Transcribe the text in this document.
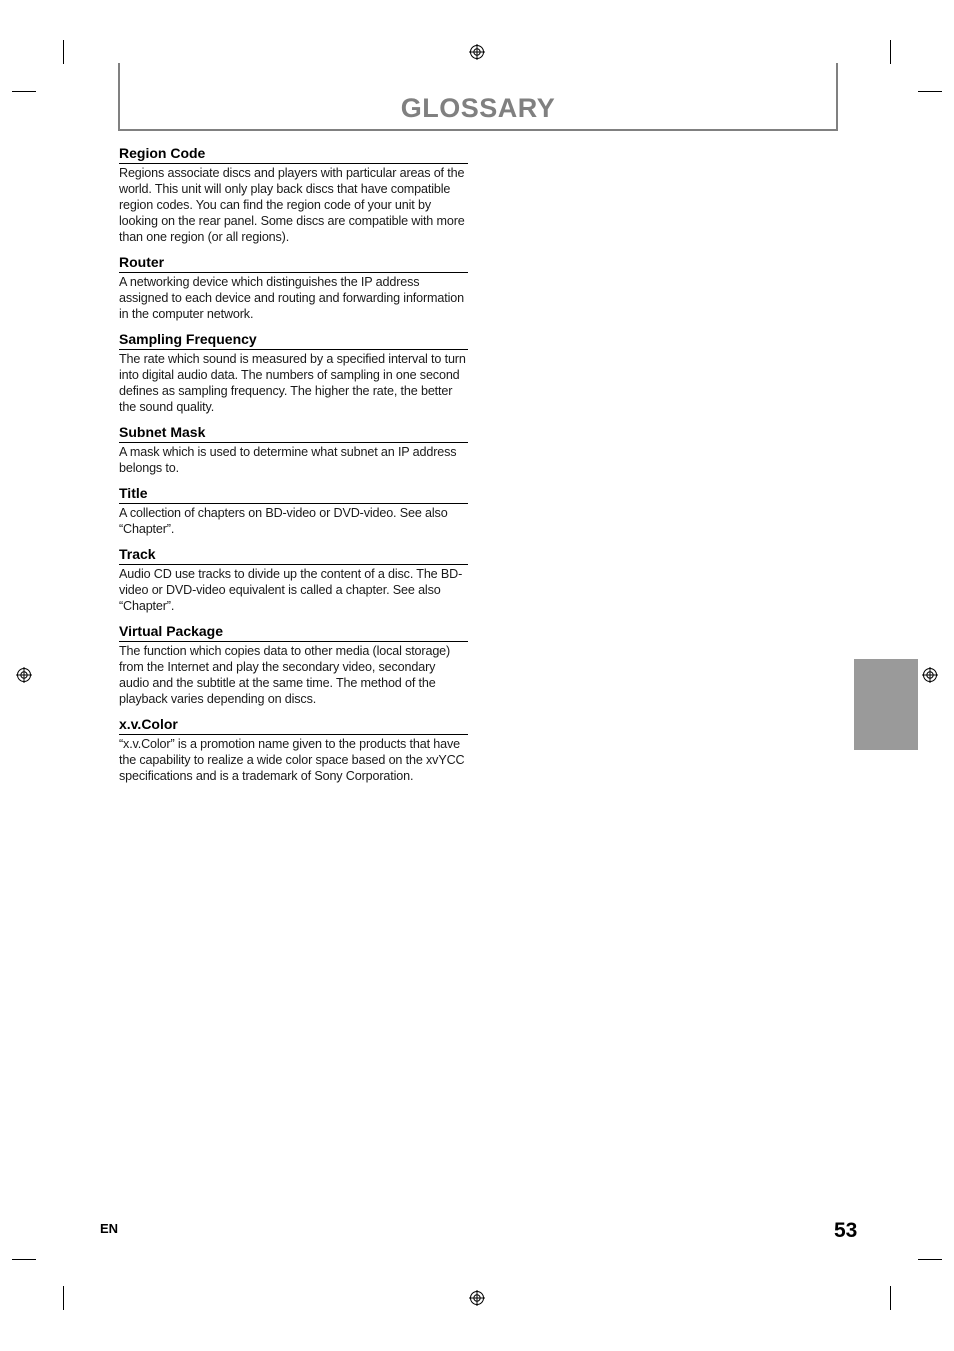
GLOSSARY
Region Code

Regions associate discs and players with particular areas of the world. This unit will only play back discs that have compatible region codes. You can find the region code of your unit by looking on the rear panel. Some discs are compatible with more than one region (or all regions).

Router

A networking device which distinguishes the IP address assigned to each device and routing and forwarding information in the computer network.

Sampling Frequency

The rate which sound is measured by a specified interval to turn into digital audio data. The numbers of sampling in one second defines as sampling frequency. The higher the rate, the better the sound quality.

Subnet Mask

A mask which is used to determine what subnet an IP address belongs to.

Title

A collection of chapters on BD-video or DVD-video. See also “Chapter”.

Track

Audio CD use tracks to divide up the content of a disc. The BD-video or DVD-video equivalent is called a chapter. See also “Chapter”.

Virtual Package

The function which copies data to other media (local storage) from the Internet and play the secondary video, secondary audio and the subtitle at the same time. The method of the playback varies depending on discs.

x.v.Color

“x.v.Color” is a promotion name given to the products that have the capability to realize a wide color space based on the xvYCC specifications and is a trademark of Sony Corporation.

EN	53
